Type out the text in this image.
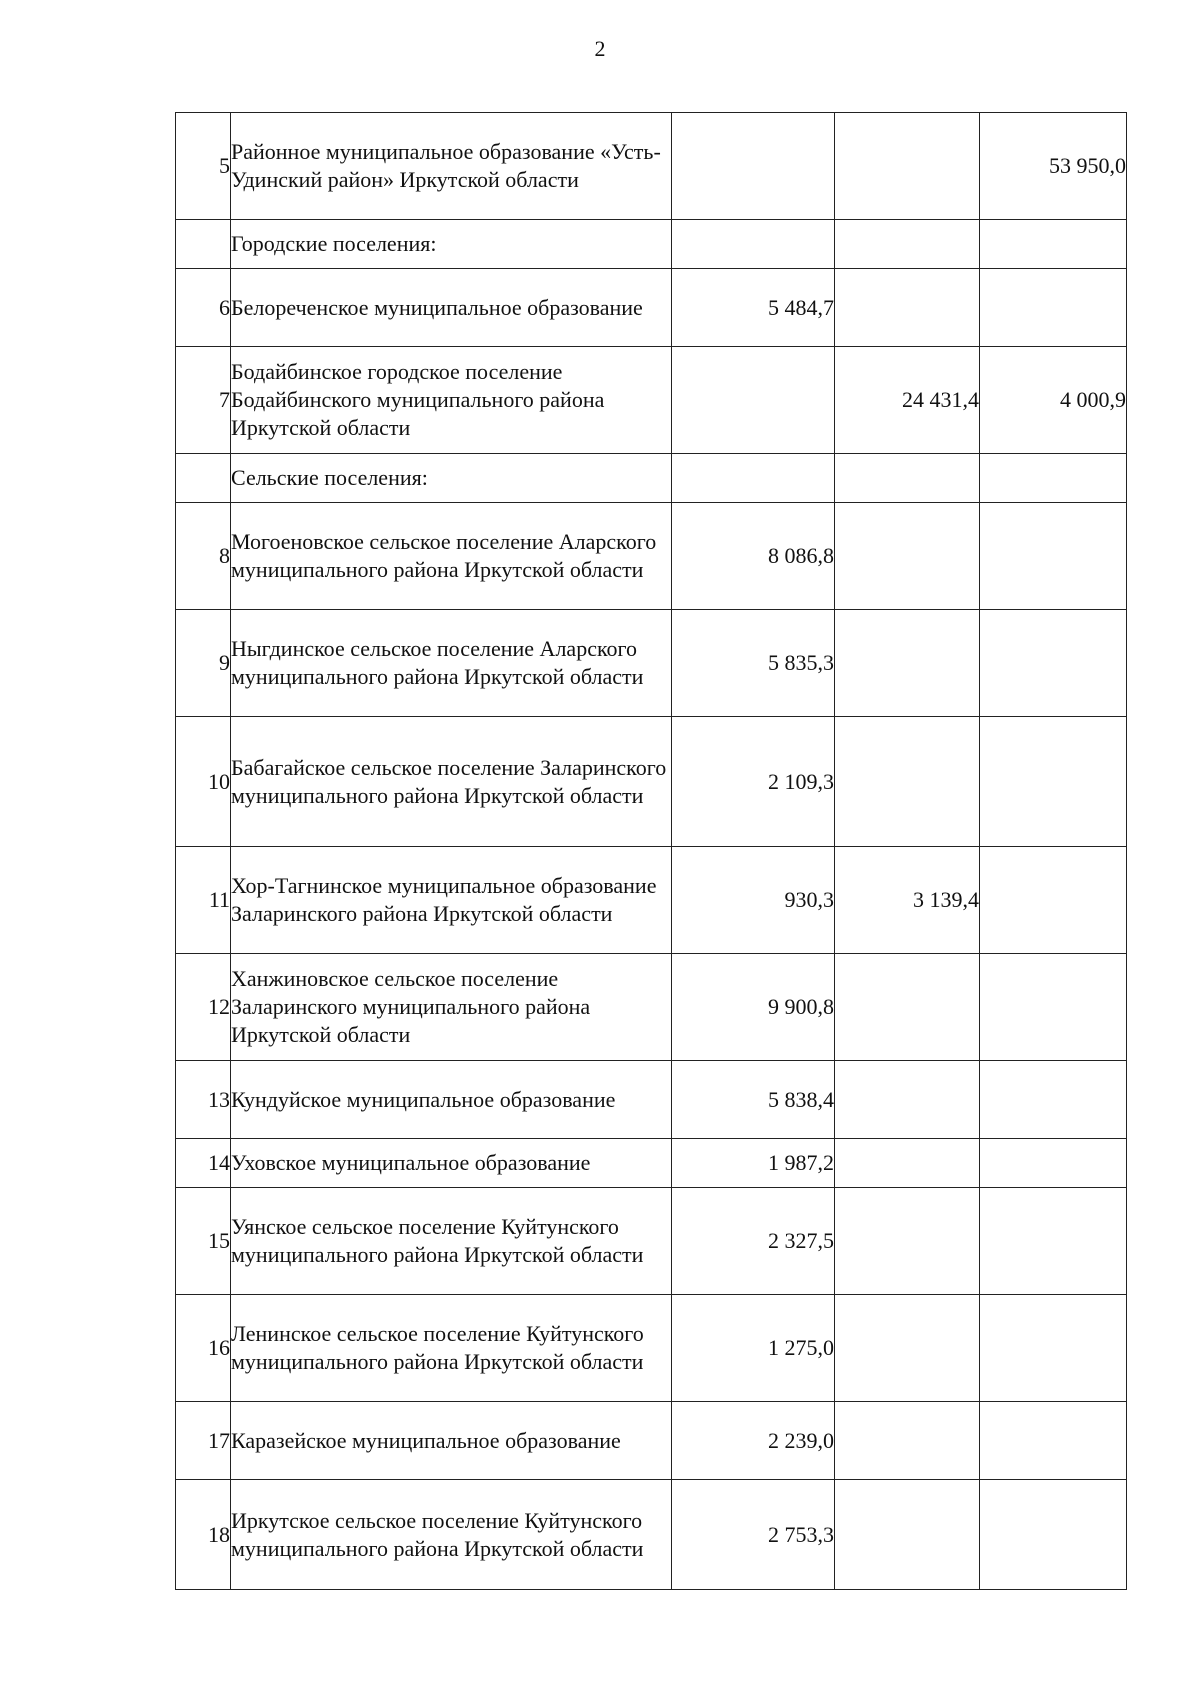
2
5	Районное муниципальное образование «Усть-Удинский район» Иркутской области			53 950,0
	Городские поселения:			
6	Белореченское муниципальное образование	5 484,7		
7	Бодайбинское городское поселение Бодайбинского муниципального района Иркутской области		24 431,4	4 000,9
	Сельские поселения:			
8	Могоеновское сельское поселение Аларского муниципального района Иркутской области	8 086,8		
9	Ныгдинское сельское поселение Аларского муниципального района Иркутской области	5 835,3		
10	Бабагайское сельское поселение Заларинского муниципального района Иркутской области	2 109,3		
11	Хор-Тагнинское муниципальное образование Заларинского района Иркутской области	930,3	3 139,4	
12	Ханжиновское сельское поселение Заларинского муниципального района Иркутской области	9 900,8		
13	Кундуйское муниципальное образование	5 838,4		
14	Уховское муниципальное образование	1 987,2		
15	Уянское сельское поселение Куйтунского муниципального района Иркутской области	2 327,5		
16	Ленинское сельское поселение Куйтунского муниципального района Иркутской области	1 275,0		
17	Каразейское муниципальное образование	2 239,0		
18	Иркутское сельское поселение Куйтунского муниципального района Иркутской области	2 753,3		
